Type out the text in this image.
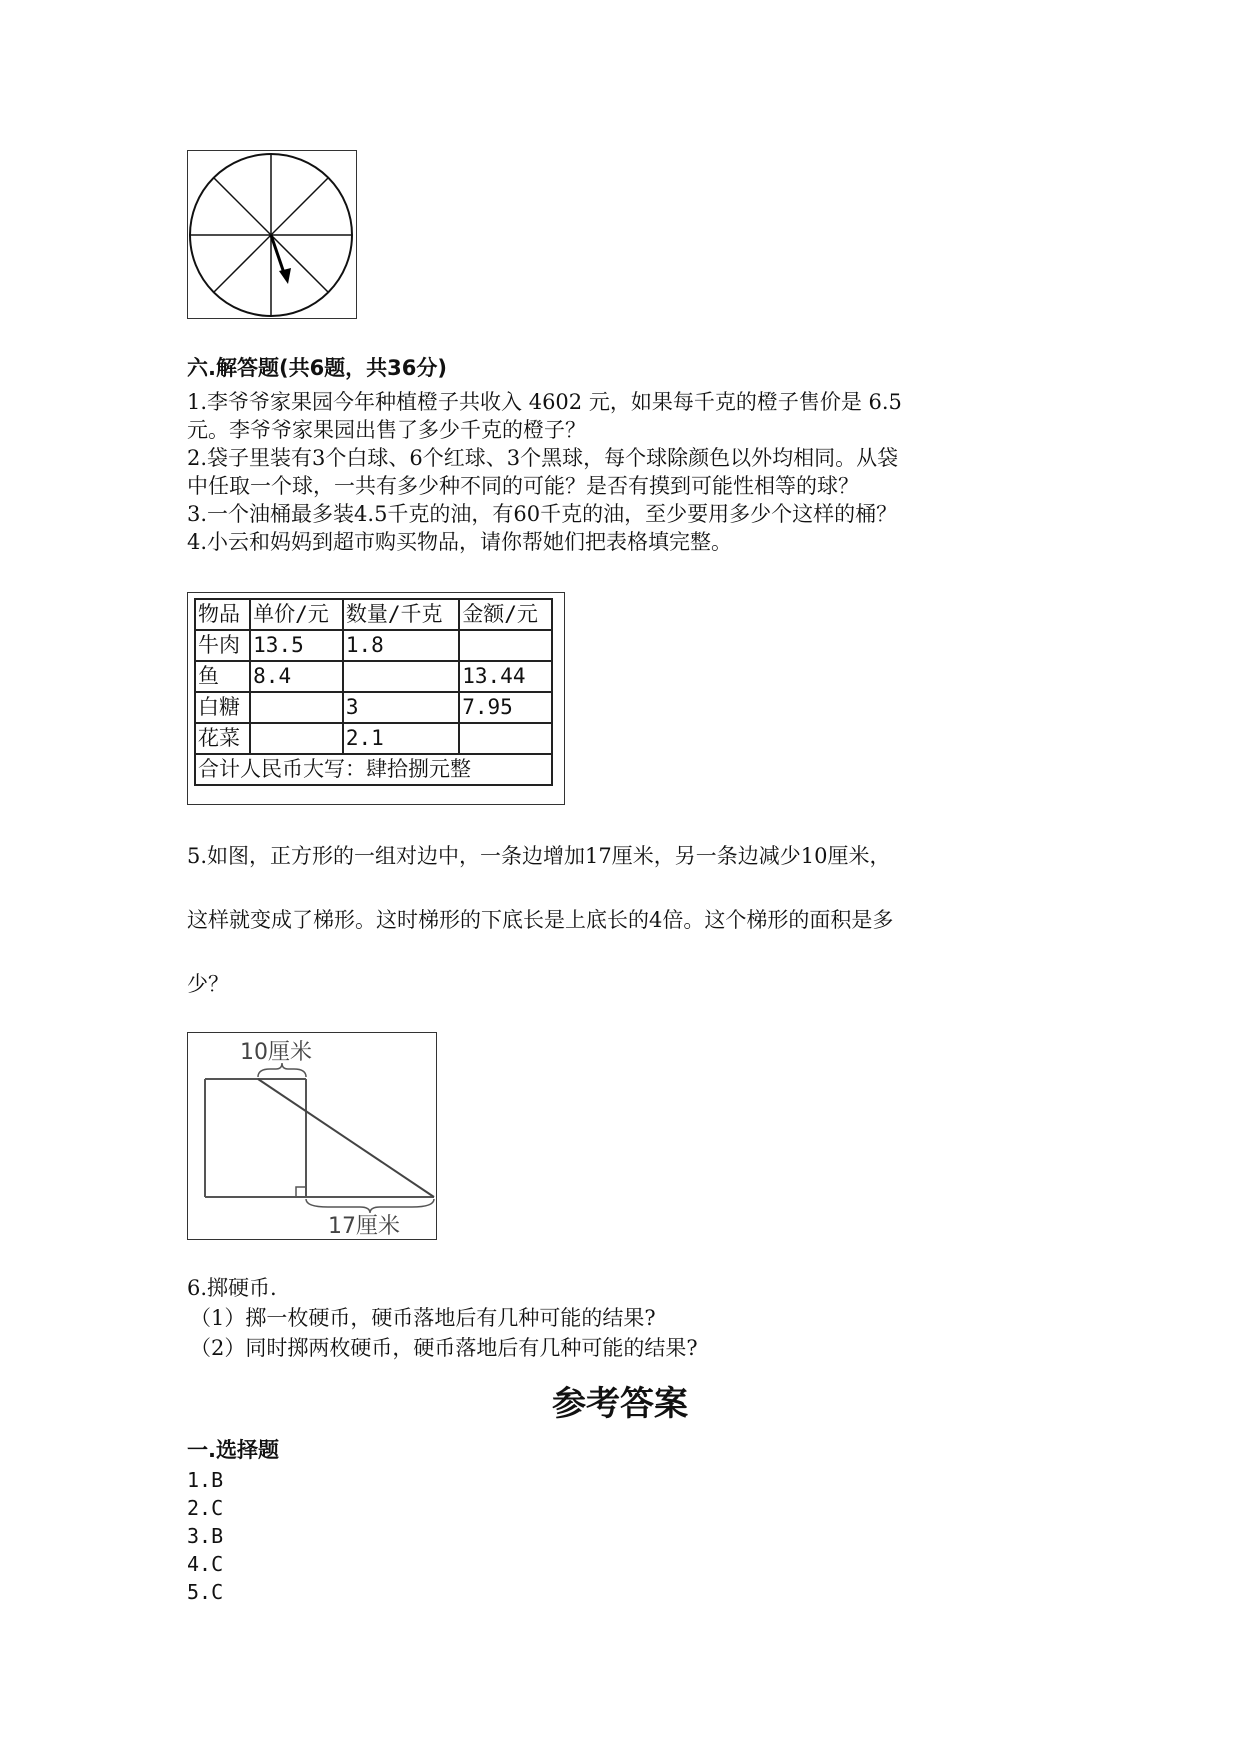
六.解答题(共6题，共36分)
1.李爷爷家果园今年种植橙子共收入 4602 元，如果每千克的橙子售价是 6.5
元。李爷爷家果园出售了多少千克的橙子？
2.袋子里装有3个白球、6个红球、3个黑球，每个球除颜色以外均相同。从袋
中任取一个球，一共有多少种不同的可能？是否有摸到可能性相等的球？
3.一个油桶最多装4.5千克的油，有60千克的油，至少要用多少个这样的桶？
4.小云和妈妈到超市购买物品，请你帮她们把表格填完整。
物品	单价/元	数量/千克	金额/元
牛肉	13.5	1.8	
鱼	8.4		13.44
白糖		3	7.95
花菜		2.1	
合计人民币大写：肆拾捌元整			
5.如图，正方形的一组对边中，一条边增加17厘米，另一条边减少10厘米，
这样就变成了梯形。这时梯形的下底长是上底长的4倍。这个梯形的面积是多
少？
10厘米
17厘米
6.掷硬币.
（1）掷一枚硬币，硬币落地后有几种可能的结果?
（2）同时掷两枚硬币，硬币落地后有几种可能的结果?
参考答案
一.选择题
1.B
2.C
3.B
4.C
5.C
